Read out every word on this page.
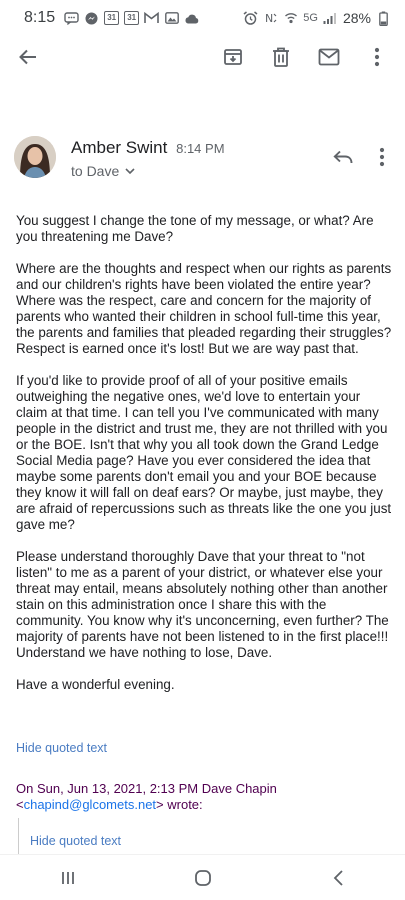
8:15	31	31	N	5G 28%
Amber Swint 8:14 PM
to Dave

You suggest I change the tone of my message, or what? Are you threatening me Dave?

Where are the thoughts and respect when our rights as parents and our children's rights have been violated the entire year? Where was the respect, care and concern for the majority of parents who wanted their children in school full-time this year, the parents and families that pleaded regarding their struggles? Respect is earned once it's lost! But we are way past that.

If you'd like to provide proof of all of your positive emails outweighing the negative ones, we'd love to entertain your claim at that time. I can tell you I've communicated with many people in the district and trust me, they are not thrilled with you or the BOE. Isn't that why you all took down the Grand Ledge Social Media page? Have you ever considered the idea that maybe some parents don't email you and your BOE because they know it will fall on deaf ears? Or maybe, just maybe, they are afraid of repercussions such as threats like the one you just gave me?

Please understand thoroughly Dave that your threat to "not listen" to me as a parent of your district, or whatever else your threat may entail, means absolutely nothing other than another stain on this administration once I share this with the community. You know why it's unconcerning, even further? The majority of parents have not been listened to in the first place!!! Understand we have nothing to lose, Dave.

Have a wonderful evening.

Hide quoted text
On Sun, Jun 13, 2021, 2:13 PM Dave Chapin
<chapind@glcomets.net> wrote:
Hide quoted text
